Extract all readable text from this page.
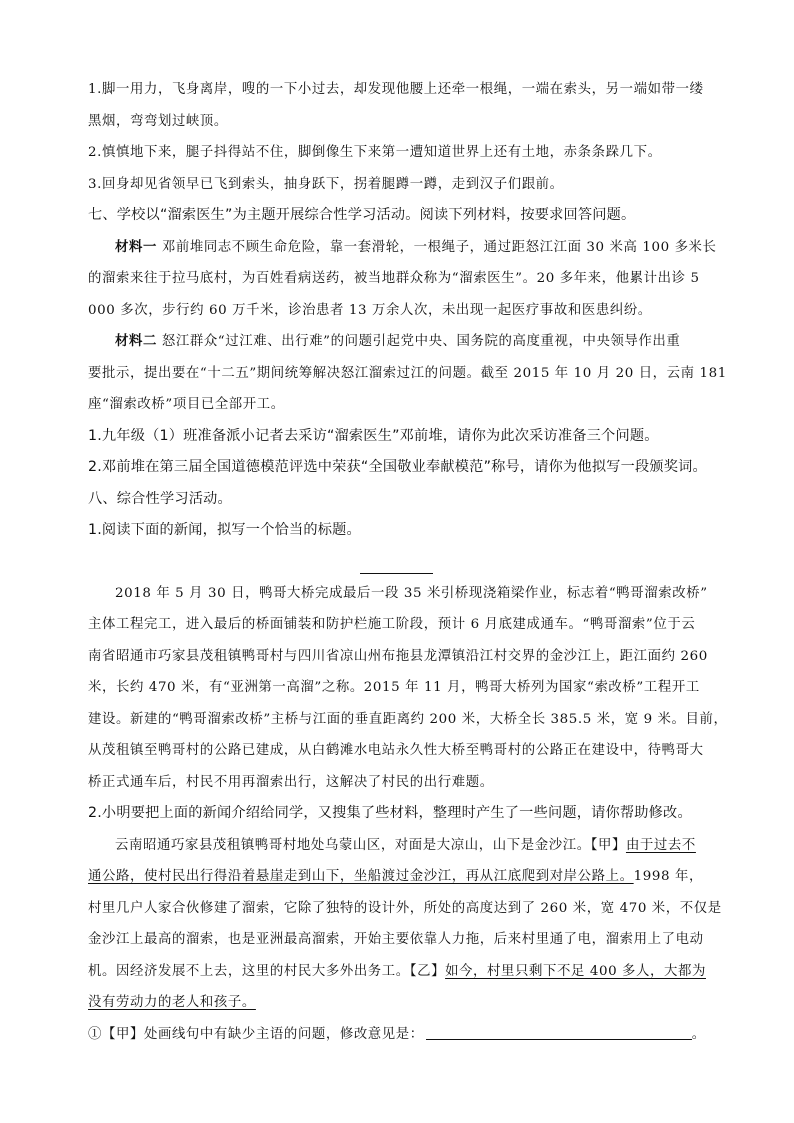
1.脚一用力，飞身离岸，嗖的一下小过去，却发现他腰上还牵一根绳，一端在索头，另一端如带一缕
黑烟，弯弯划过峡顶。
2.慎慎地下来，腿子抖得站不住，脚倒像生下来第一遭知道世界上还有土地，赤条条跺几下。
3.回身却见省领早已飞到索头，抽身跃下，拐着腿蹲一蹲，走到汉子们跟前。
七、学校以“溜索医生”为主题开展综合性学习活动。阅读下列材料，按要求回答问题。
材料一 邓前堆同志不顾生命危险，靠一套滑轮，一根绳子，通过距怒江江面 30 米高 100 多米长
的溜索来往于拉马底村，为百姓看病送药，被当地群众称为“溜索医生”。20 多年来，他累计出诊 5
000 多次，步行约 60 万千米，诊治患者 13 万余人次，未出现一起医疗事故和医患纠纷。
材料二 怒江群众“过江难、出行难”的问题引起党中央、国务院的高度重视，中央领导作出重
要批示，提出要在“十二五”期间统筹解决怒江溜索过江的问题。截至 2015 年 10 月 20 日，云南 181
座“溜索改桥”项目已全部开工。
1.九年级（1）班准备派小记者去采访“溜索医生”邓前堆，请你为此次采访准备三个问题。
2.邓前堆在第三届全国道德模范评选中荣获“全国敬业奉献模范”称号，请你为他拟写一段颁奖词。
八、综合性学习活动。
1.阅读下面的新闻，拟写一个恰当的标题。
2018 年 5 月 30 日，鸭哥大桥完成最后一段 35 米引桥现浇箱梁作业，标志着“鸭哥溜索改桥”
主体工程完工，进入最后的桥面铺装和防护栏施工阶段，预计 6 月底建成通车。“鸭哥溜索”位于云
南省昭通市巧家县茂租镇鸭哥村与四川省凉山州布拖县龙潭镇沿江村交界的金沙江上，距江面约 260
米，长约 470 米，有“亚洲第一高溜”之称。2015 年 11 月，鸭哥大桥列为国家“索改桥”工程开工
建设。新建的“鸭哥溜索改桥”主桥与江面的垂直距离约 200 米，大桥全长 385.5 米，宽 9 米。目前，
从茂租镇至鸭哥村的公路已建成，从白鹤滩水电站永久性大桥至鸭哥村的公路正在建设中，待鸭哥大
桥正式通车后，村民不用再溜索出行，这解决了村民的出行难题。
2.小明要把上面的新闻介绍给同学，又搜集了些材料，整理时产生了一些问题，请你帮助修改。
云南昭通巧家县茂租镇鸭哥村地处乌蒙山区，对面是大凉山，山下是金沙江。【甲】由于过去不
通公路，使村民出行得沿着悬崖走到山下，坐船渡过金沙江，再从江底爬到对岸公路上。1998 年，
村里几户人家合伙修建了溜索，它除了独特的设计外，所处的高度达到了 260 米，宽 470 米，不仅是
金沙江上最高的溜索，也是亚洲最高溜索，开始主要依靠人力拖，后来村里通了电，溜索用上了电动
机。因经济发展不上去，这里的村民大多外出务工。【乙】如今，村里只剩下不足 400 多人，大都为
没有劳动力的老人和孩子。
①【甲】处画线句中有缺少主语的问题，修改意见是：	。
